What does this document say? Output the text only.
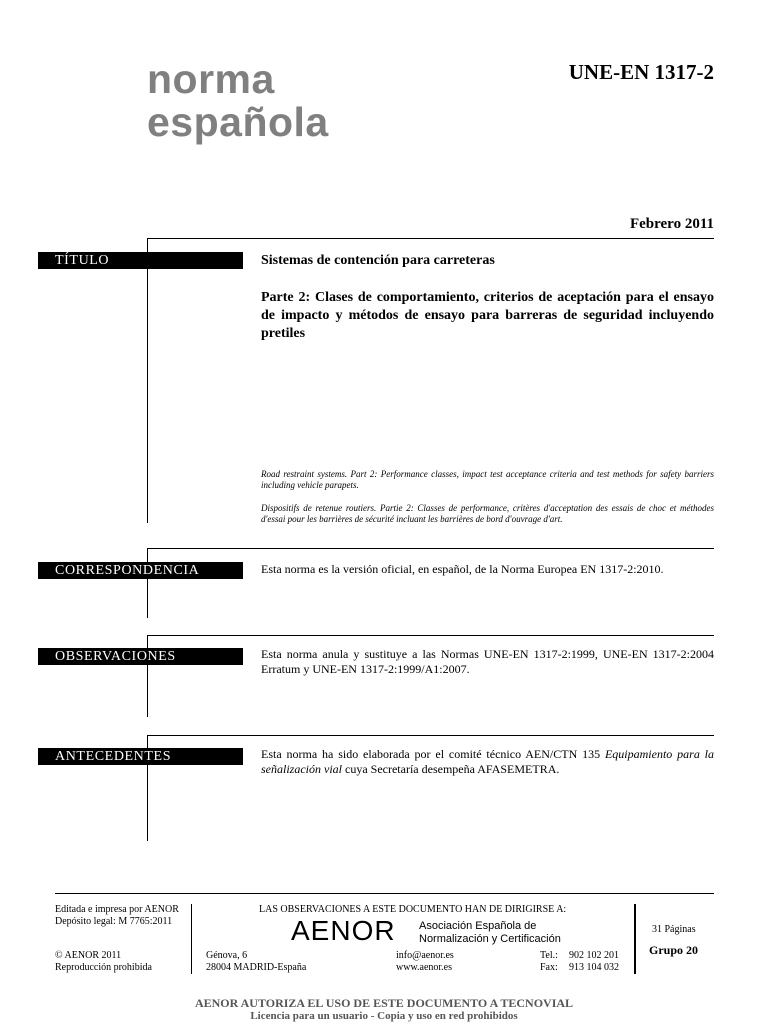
norma
española
UNE-EN 1317-2
Febrero 2011
TÍTULO	Sistemas de contención para carreteras
Parte 2: Clases de comportamiento, criterios de aceptación para el ensayo de impacto y métodos de ensayo para barreras de seguridad incluyendo pretiles
Road restraint systems. Part 2: Performance classes, impact test acceptance criteria and test methods for safety barriers including vehicle parapets.
Dispositifs de retenue routiers. Partie 2: Classes de performance, critères d'acceptation des essais de choc et méthodes d'essai pour les barrières de sécurité incluant les barrières de bord d'ouvrage d'art.
CORRESPONDENCIA	Esta norma es la versión oficial, en español, de la Norma Europea EN 1317-2:2010.
OBSERVACIONES	Esta norma anula y sustituye a las Normas UNE-EN 1317-2:1999, UNE-EN 1317-2:2004 Erratum y UNE-EN 1317-2:1999/A1:2007.
ANTECEDENTES	Esta norma ha sido elaborada por el comité técnico AEN/CTN 135 Equipamiento para la señalización vial cuya Secretaría desempeña AFASEMETRA.
Editada e impresa por AENOR
Depósito legal: M 7765:2011
© AENOR 2011
Reproducción prohibida
LAS OBSERVACIONES A ESTE DOCUMENTO HAN DE DIRIGIRSE A:
AENOR Asociación Española de
Normalización y Certificación
Génova, 6
28004 MADRID-España
info@aenor.es
www.aenor.es
Tel.: 902 102 201
Fax: 913 104 032
31 Páginas
Grupo 20
AENOR AUTORIZA EL USO DE ESTE DOCUMENTO A TECNOVIAL
Licencia para un usuario - Copia y uso en red prohibidos
